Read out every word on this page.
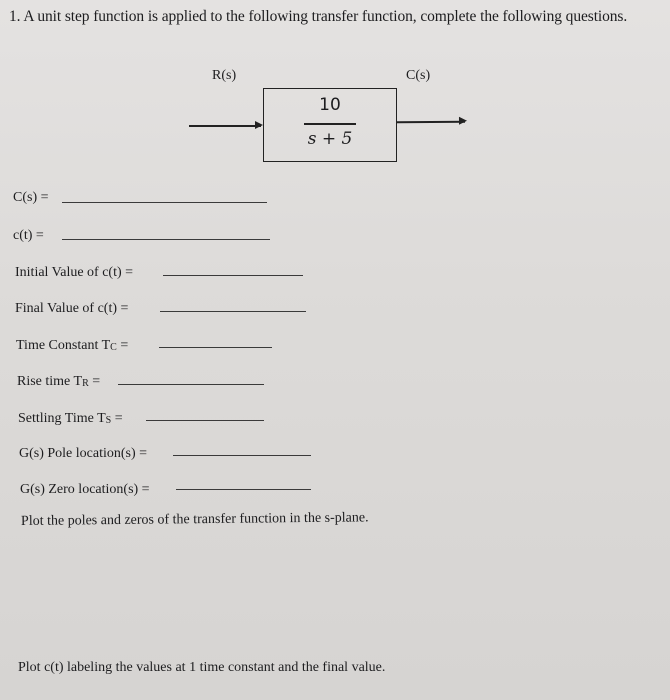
1. A unit step function is applied to the following transfer function, complete the following questions.
R(s)	C(s)
10
s + 5
C(s) =
c(t) =
Initial Value of c(t) =
Final Value of c(t) =
Time Constant TC =
Rise time TR =
Settling Time TS =
G(s) Pole location(s) =
G(s) Zero location(s) =
Plot the poles and zeros of the transfer function in the s-plane.
Plot c(t) labeling the values at 1 time constant and the final value.
